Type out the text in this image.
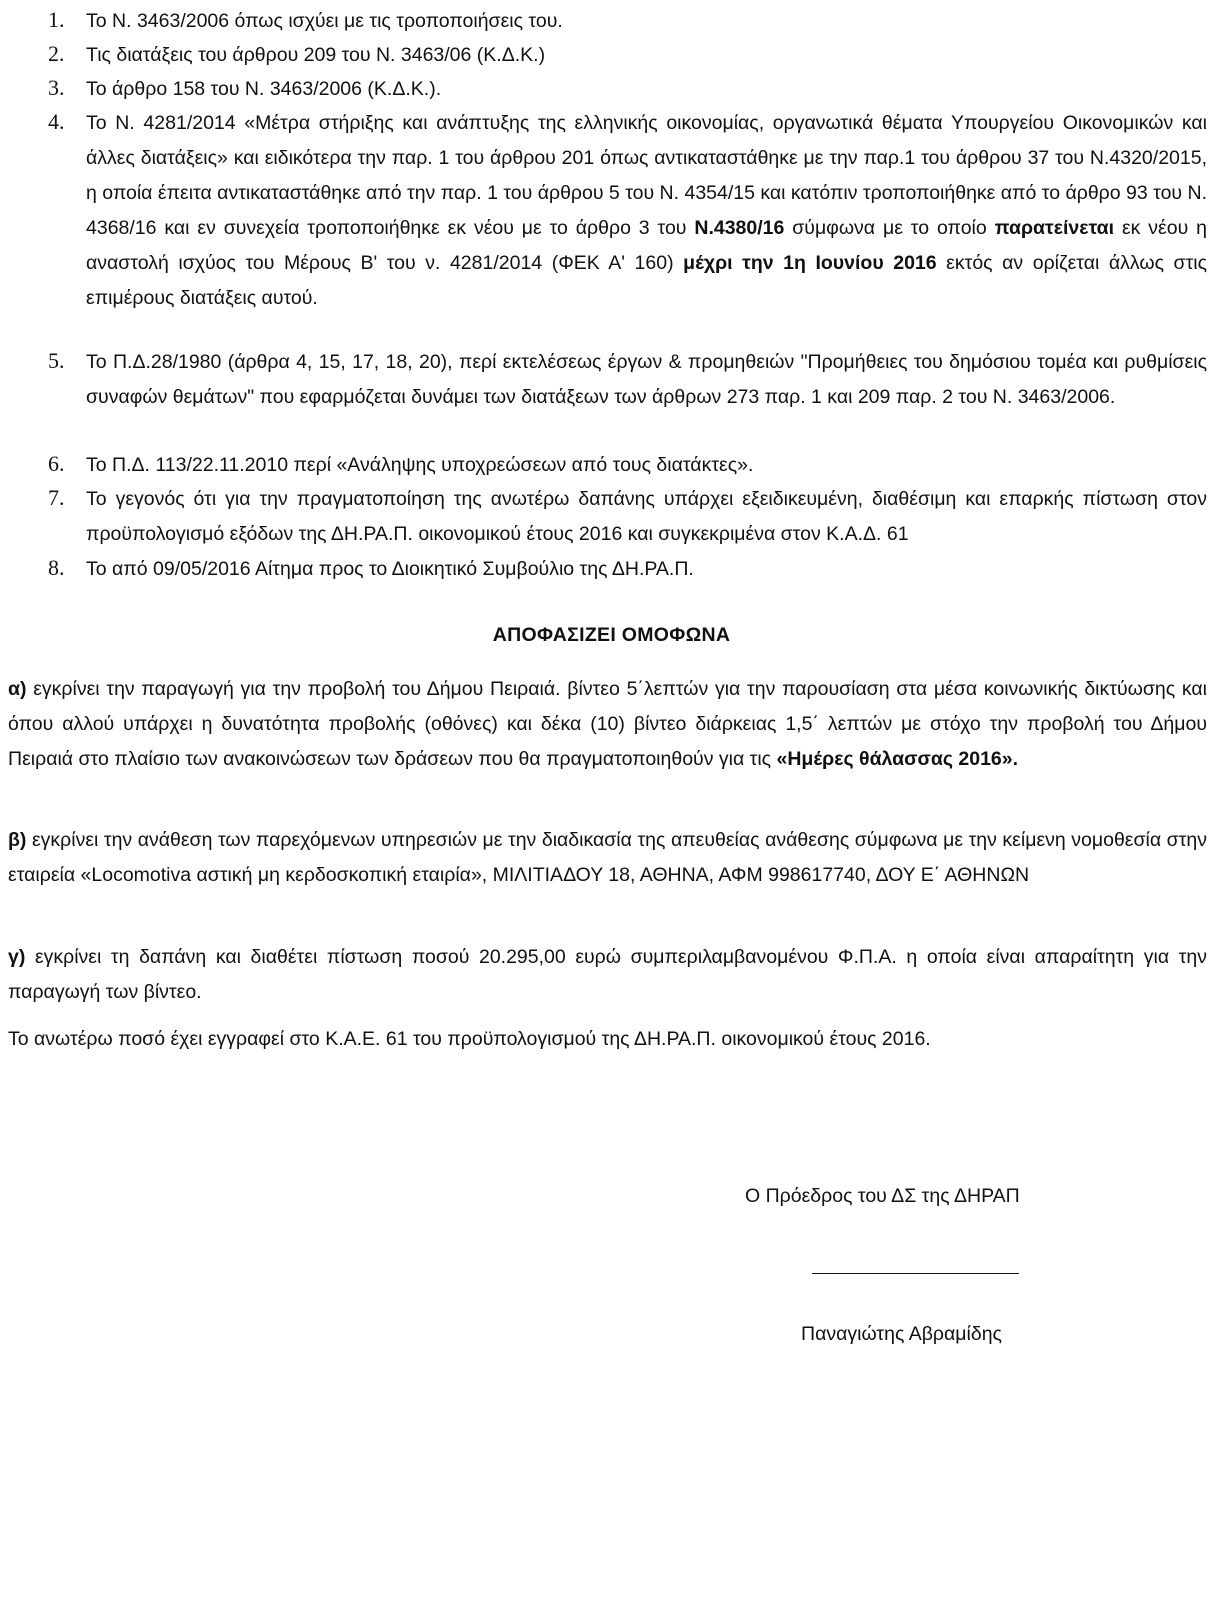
1.	Το Ν. 3463/2006 όπως ισχύει με τις τροποποιήσεις του.
2.	Τις διατάξεις του άρθρου 209 του Ν. 3463/06 (Κ.Δ.Κ.)
3.	Το άρθρο 158 του Ν. 3463/2006 (Κ.Δ.Κ.).
4.	Το Ν. 4281/2014 «Μέτρα στήριξης και ανάπτυξης της ελληνικής οικονομίας, οργανωτικά θέματα Υπουργείου Οικονομικών και άλλες διατάξεις» και ειδικότερα την παρ. 1 του άρθρου 201 όπως αντικαταστάθηκε με την παρ.1 του άρθρου 37 του Ν.4320/2015, η οποία έπειτα αντικαταστάθηκε από την παρ. 1 του άρθρου 5 του Ν. 4354/15 και κατόπιν τροποποιήθηκε από το άρθρο 93 του Ν. 4368/16 και εν συνεχεία τροποποιήθηκε εκ νέου με το άρθρο 3 του Ν.4380/16 σύμφωνα με το οποίο παρατείνεται εκ νέου η αναστολή ισχύος του Μέρους Β' του ν. 4281/2014 (ΦΕΚ Α' 160) μέχρι την 1η Ιουνίου 2016 εκτός αν ορίζεται άλλως στις επιμέρους διατάξεις αυτού.
5.	Το Π.Δ.28/1980 (άρθρα 4, 15, 17, 18, 20), περί εκτελέσεως έργων & προμηθειών "Προμήθειες του δημόσιου τομέα και ρυθμίσεις συναφών θεμάτων" που εφαρμόζεται δυνάμει των διατάξεων των άρθρων 273 παρ. 1 και 209 παρ. 2 του Ν. 3463/2006.
6.	Το Π.Δ. 113/22.11.2010 περί «Ανάληψης υποχρεώσεων από τους διατάκτες».
7.	Το γεγονός ότι για την πραγματοποίηση της ανωτέρω δαπάνης υπάρχει εξειδικευμένη, διαθέσιμη και επαρκής πίστωση στον προϋπολογισμό εξόδων της ΔΗ.ΡΑ.Π. οικονομικού έτους 2016 και συγκεκριμένα στον Κ.Α.Δ. 61
8.	Το από 09/05/2016 Αίτημα προς το Διοικητικό Συμβούλιο της ΔΗ.ΡΑ.Π.
ΑΠΟΦΑΣΙΖΕΙ ΟΜΟΦΩΝΑ
α) εγκρίνει την παραγωγή για την προβολή του Δήμου Πειραιά. βίντεο 5΄λεπτών για την παρουσίαση στα μέσα κοινωνικής δικτύωσης και όπου αλλού υπάρχει η δυνατότητα προβολής (οθόνες) και δέκα (10) βίντεο διάρκειας 1,5΄ λεπτών με στόχο την προβολή του Δήμου Πειραιά στο πλαίσιο των ανακοινώσεων των δράσεων που θα πραγματοποιηθούν για τις «Ημέρες θάλασσας 2016».
β) εγκρίνει την ανάθεση των παρεχόμενων υπηρεσιών με την διαδικασία της απευθείας ανάθεσης σύμφωνα με την κείμενη νομοθεσία στην εταιρεία «Locomotiva αστική μη κερδοσκοπική εταιρία», ΜΙΛΙΤΙΑΔΟΥ 18, ΑΘΗΝΑ, ΑΦΜ 998617740, ΔΟΥ Ε΄ ΑΘΗΝΩΝ
γ) εγκρίνει τη δαπάνη και διαθέτει πίστωση ποσού 20.295,00 ευρώ συμπεριλαμβανομένου Φ.Π.Α. η οποία είναι απαραίτητη για την παραγωγή των βίντεο.
Το ανωτέρω ποσό έχει εγγραφεί στο Κ.Α.Ε. 61 του προϋπολογισμού της ΔΗ.ΡΑ.Π. οικονομικού έτους 2016.
Ο Πρόεδρος του ΔΣ της ΔΗΡΑΠ
Παναγιώτης Αβραμίδης
